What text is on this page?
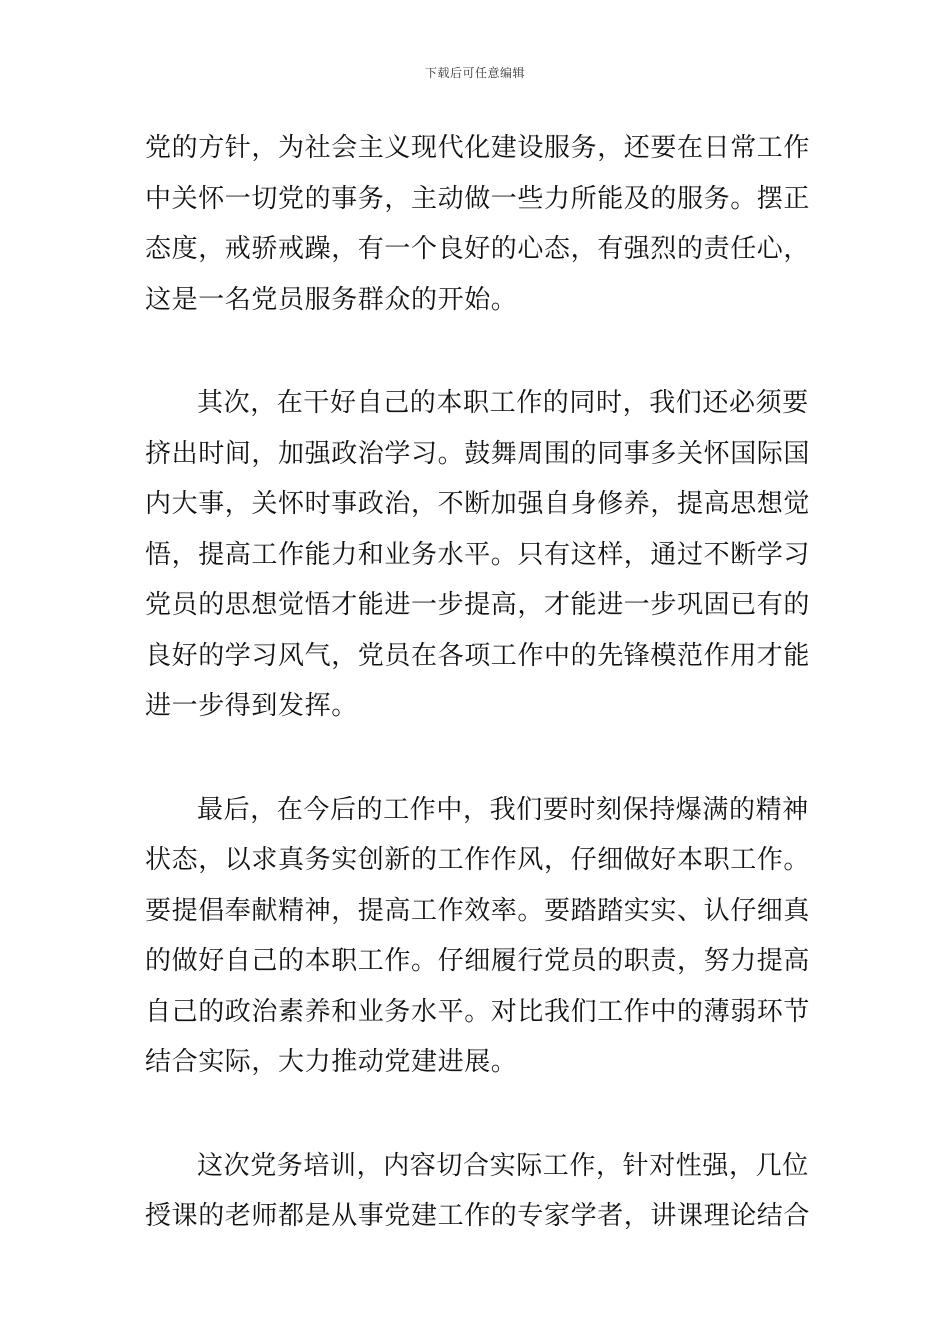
下载后可任意编辑

党的方针，为社会主义现代化建设服务，还要在日常工作
中关怀一切党的事务，主动做一些力所能及的服务。摆正
态度，戒骄戒躁，有一个良好的心态，有强烈的责任心，
这是一名党员服务群众的开始。

其次，在干好自己的本职工作的同时，我们还必须要
挤出时间，加强政治学习。鼓舞周围的同事多关怀国际国
内大事，关怀时事政治，不断加强自身修养，提高思想觉
悟，提高工作能力和业务水平。只有这样，通过不断学习
党员的思想觉悟才能进一步提高，才能进一步巩固已有的
良好的学习风气，党员在各项工作中的先锋模范作用才能
进一步得到发挥。

最后，在今后的工作中，我们要时刻保持爆满的精神
状态，以求真务实创新的工作作风，仔细做好本职工作。
要提倡奉献精神，提高工作效率。要踏踏实实、认仔细真
的做好自己的本职工作。仔细履行党员的职责，努力提高
自己的政治素养和业务水平。对比我们工作中的薄弱环节
结合实际，大力推动党建进展。

这次党务培训，内容切合实际工作，针对性强，几位
授课的老师都是从事党建工作的专家学者，讲课理论结合
